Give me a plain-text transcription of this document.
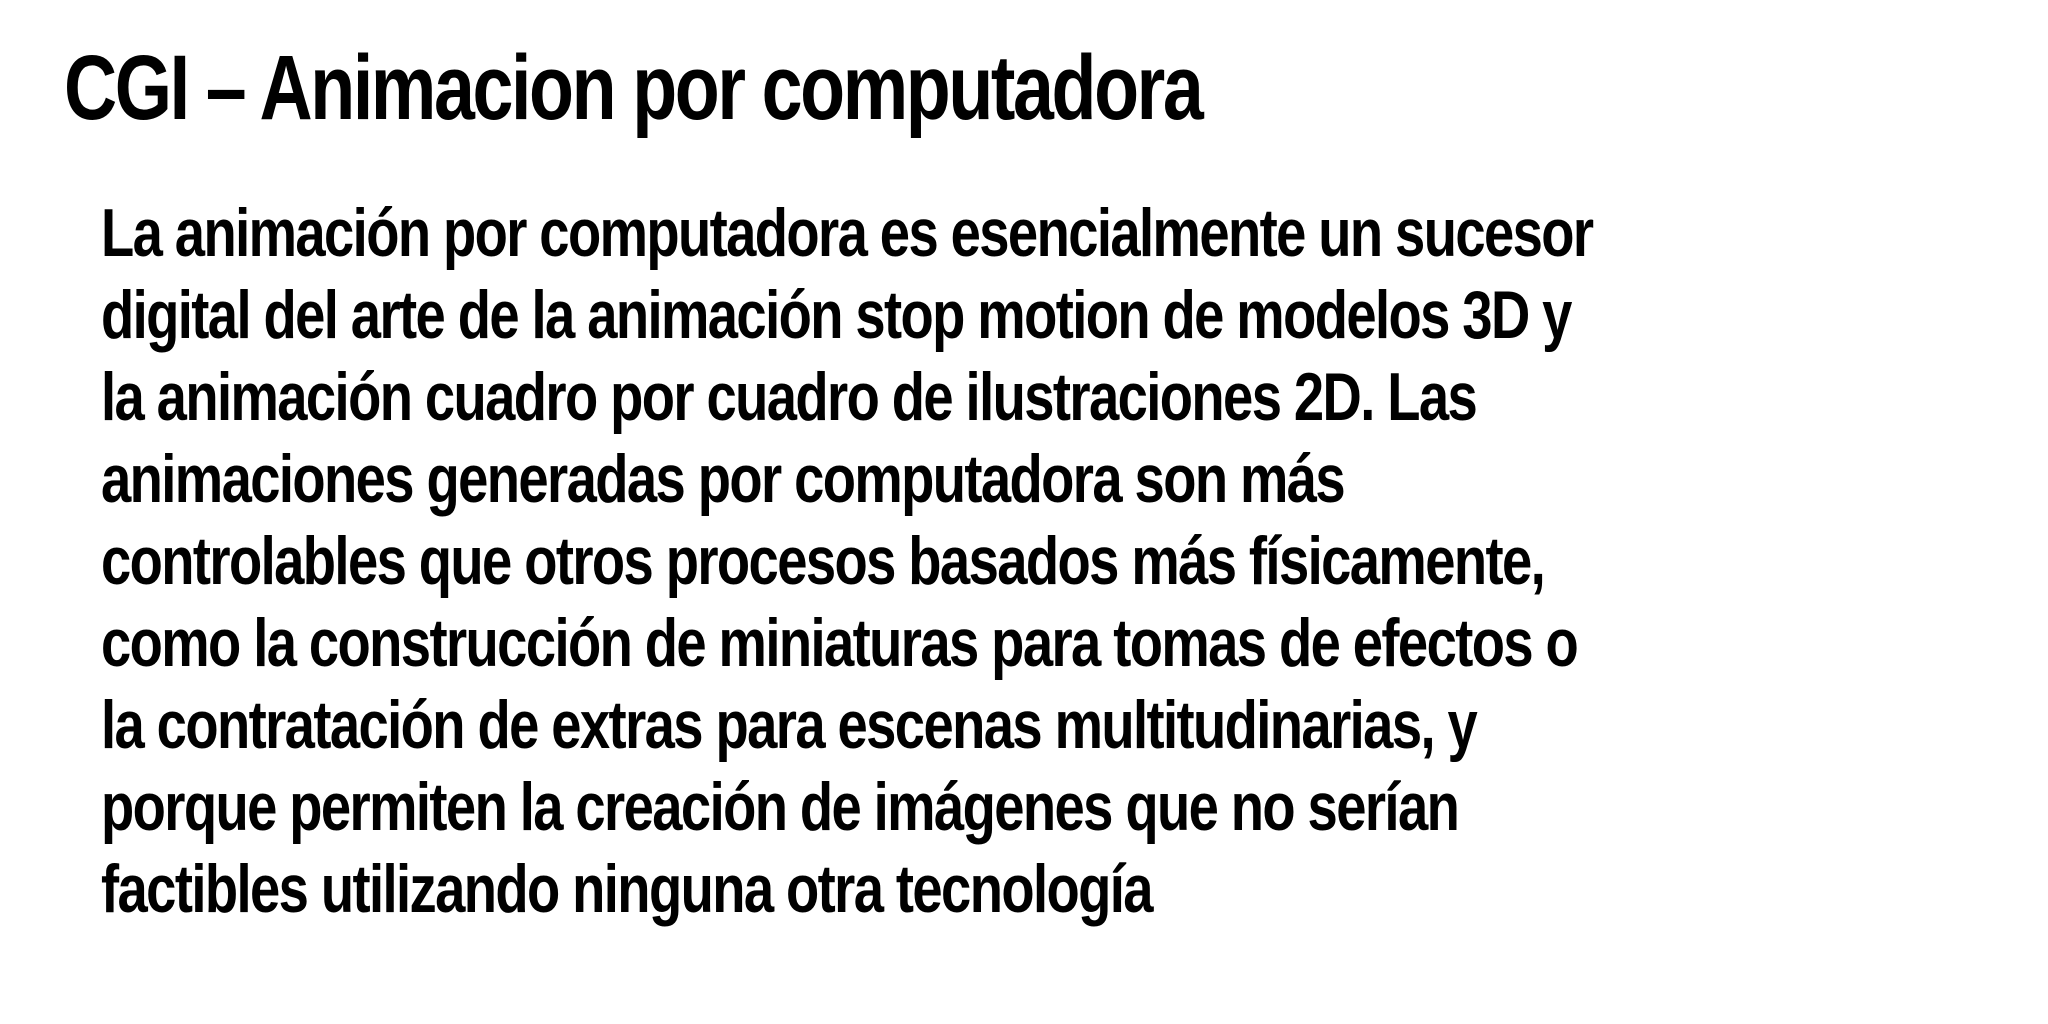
CGI – Animacion por computadora
La animación por computadora es esencialmente un sucesor
digital del arte de la animación stop motion de modelos 3D y
la animación cuadro por cuadro de ilustraciones 2D. Las
animaciones generadas por computadora son más
controlables que otros procesos basados más físicamente,
como la construcción de miniaturas para tomas de efectos o
la contratación de extras para escenas multitudinarias, y
porque permiten la creación de imágenes que no serían
factibles utilizando ninguna otra tecnología
